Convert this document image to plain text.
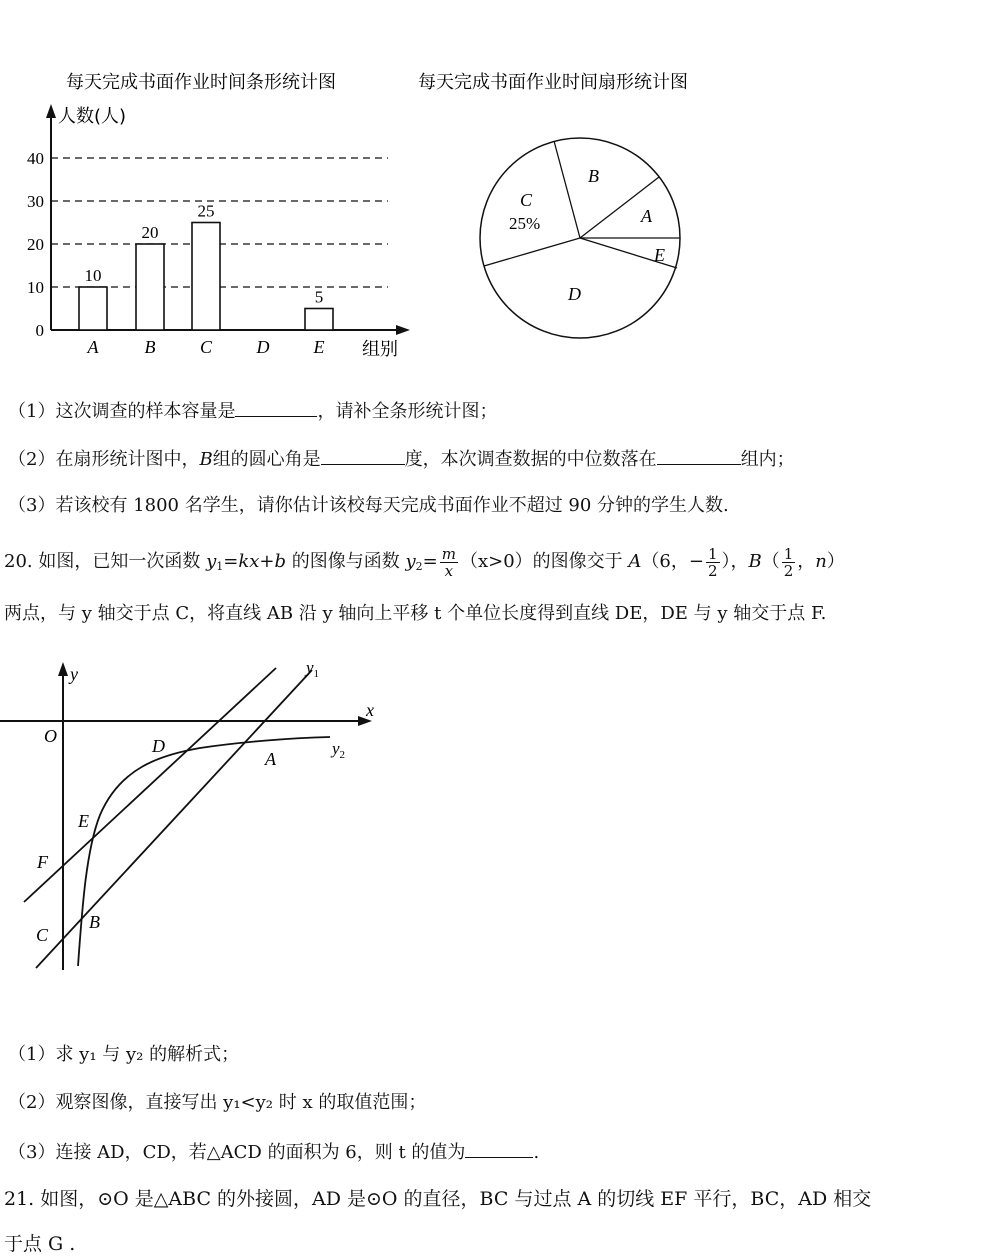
每天完成书面作业时间条形统计图
人数(人)
0
10
20
30
40
10
20
25
5
A	B C D E 组别
每天完成书面作业时间扇形统计图
B
A
E
D
C
25%
（1）这次调查的样本容量是	，请补全条形统计图；
（2）在扇形统计图中，B组的圆心角是	度，本次调查数据的中位数落在	组内；
（3）若该校有 1800 名学生，请你估计该校每天完成书面作业不超过 90 分钟的学生人数.
20. 如图，已知一次函数 $y_1=kx+b$ 的图像与函数 $y_2= \frac{m}{x} (x>0)$的图像交于 A（6，− $\frac{1}{2}$ ），$B( \frac{1}{2}$ ，n）
两点，与 y 轴交于点 C，将直线 AB 沿 y 轴向上平移 t 个单位长度得到直线 DE，DE 与 y 轴交于点 F.
y
x
O	D
A
E
F
C
B
$y_1$
$y_2$
（1）求 y₁ 与 y₂ 的解析式；
（2）观察图像，直接写出 y₁<y₂ 时 x 的取值范围；
（3）连接 AD，CD，若△ACD 的面积为 6，则 t 的值为	.
21. 如图，⊙O 是△ABC 的外接圆，AD 是⊙O 的直径，BC 与过点 A 的切线 EF 平行，BC，AD 相交
于点 G .
